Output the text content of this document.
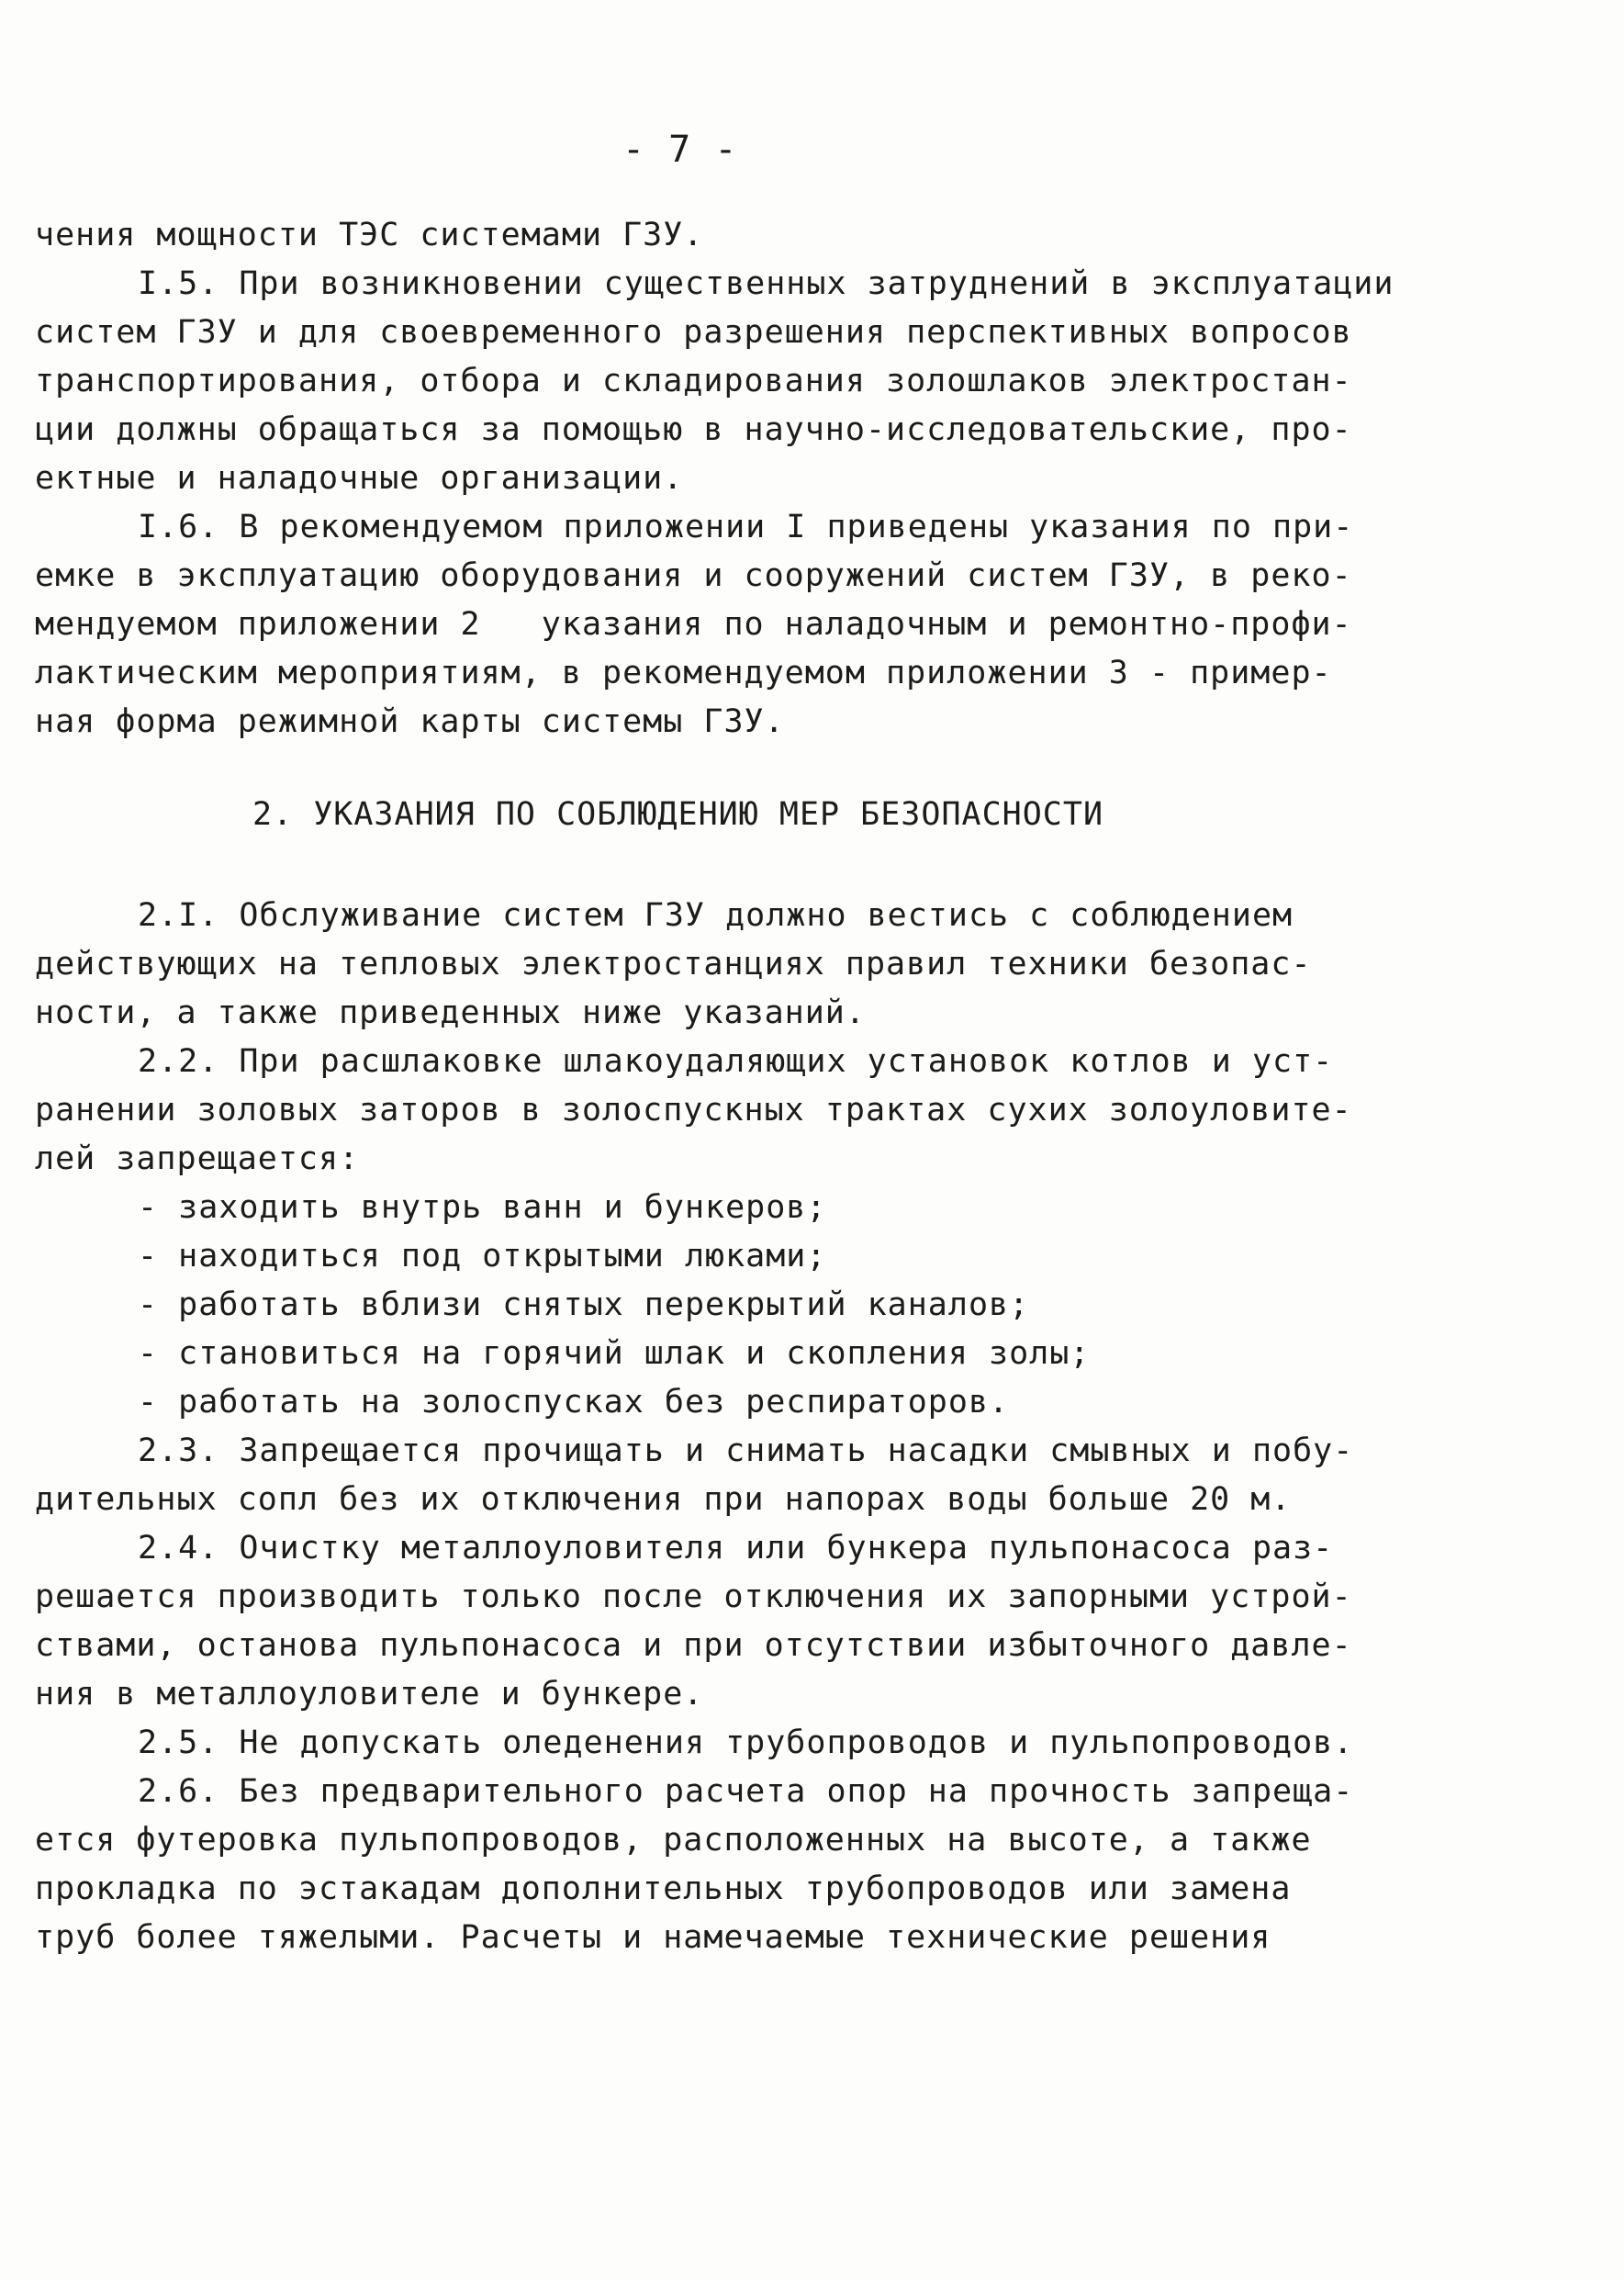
- 7 -
чения мощности ТЭС системами ГЗУ.
I.5. При возникновении существенных затруднений в эксплуатации
систем ГЗУ и для своевременного разрешения перспективных вопросов
транспортирования, отбора и складирования золошлаков электростан-
ции должны обращаться за помощью в научно-исследовательские, про-
ектные и наладочные организации.
I.6. В рекомендуемом приложении I приведены указания по при-
емке в эксплуатацию оборудования и сооружений систем ГЗУ, в реко-
мендуемом приложении 2   указания по наладочным и ремонтно-профи-
лактическим мероприятиям, в рекомендуемом приложении 3 - пример-
ная форма режимной карты системы ГЗУ.
2. УКАЗАНИЯ ПО СОБЛЮДЕНИЮ МЕР БЕЗОПАСНОСТИ
2.I. Обслуживание систем ГЗУ должно вестись с соблюдением
действующих на тепловых электростанциях правил техники безопас-
ности, а также приведенных ниже указаний.
2.2. При расшлаковке шлакоудаляющих установок котлов и уст-
ранении золовых заторов в золоспускных трактах сухих золоуловите-
лей запрещается:
- заходить внутрь ванн и бункеров;
- находиться под открытыми люками;
- работать вблизи снятых перекрытий каналов;
- становиться на горячий шлак и скопления золы;
- работать на золоспусках без респираторов.
2.3. Запрещается прочищать и снимать насадки смывных и побу-
дительных сопл без их отключения при напорах воды больше 20 м.
2.4. Очистку металлоуловителя или бункера пульпонасоса раз-
решается производить только после отключения их запорными устрой-
ствами, останова пульпонасоса и при отсутствии избыточного давле-
ния в металлоуловителе и бункере.
2.5. Не допускать оледенения трубопроводов и пульпопроводов.
2.6. Без предварительного расчета опор на прочность запреща-
ется футеровка пульпопроводов, расположенных на высоте, а также
прокладка по эстакадам дополнительных трубопроводов или замена
труб более тяжелыми. Расчеты и намечаемые технические решения
